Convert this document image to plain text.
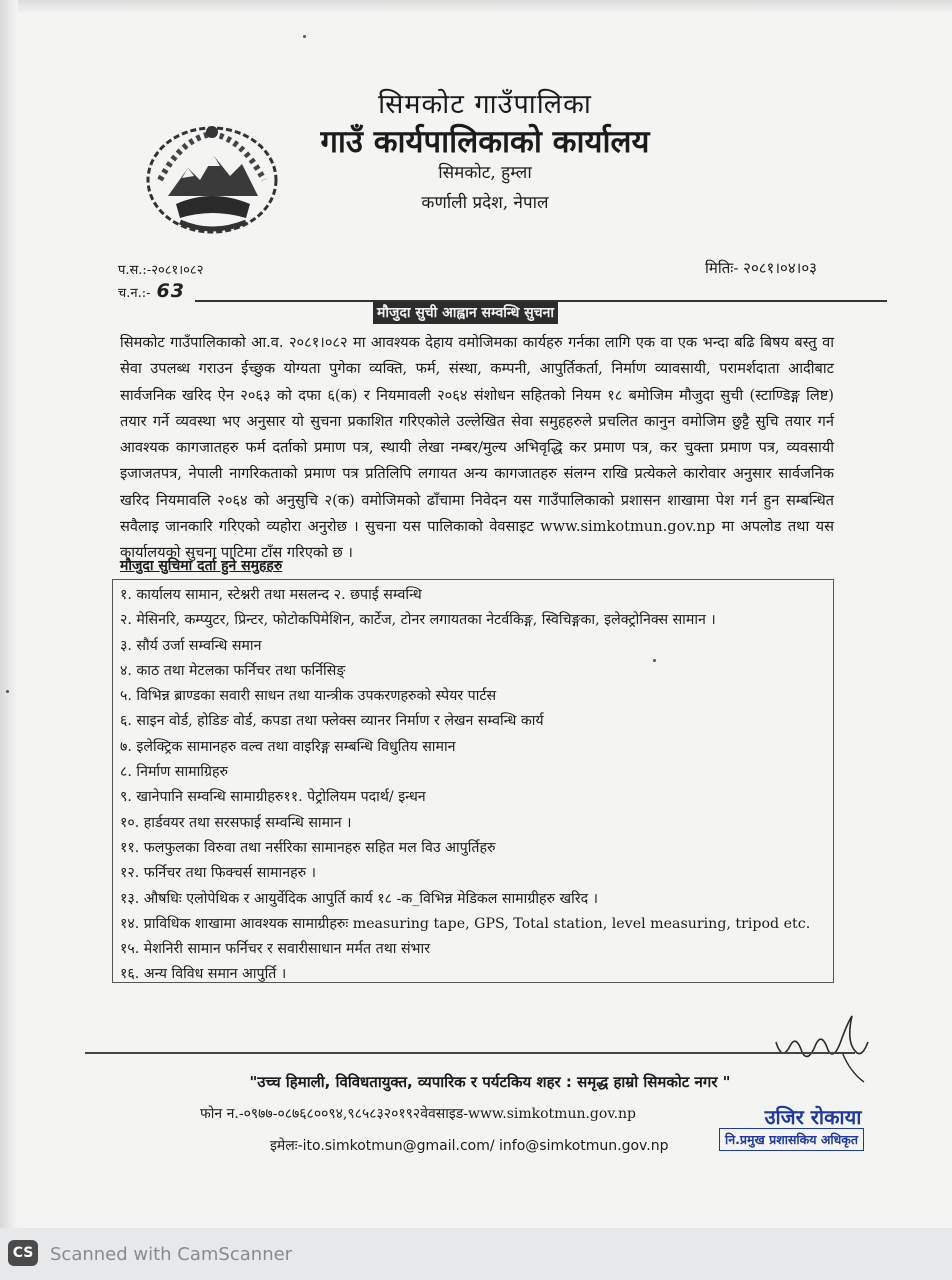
सिमकोट गाउँपालिका
गाउँ कार्यपालिकाको कार्यालय
सिमकोट, हुम्ला
कर्णाली प्रदेश, नेपाल
प.स.:-२०८१।०८२
च.न.:- 63
मितिः- २०८१।०४।०३
मौजुदा सुची आह्वान सम्वन्धि सुचना
सिमकोट गाउँपालिकाको आ.व. २०८१।०८२ मा आवश्यक देहाय वमोजिमका कार्यहरु गर्नका लागि एक वा एक भन्दा बढि बिषय बस्तु वा सेवा उपलब्ध गराउन ईच्छुक योग्यता पुगेका व्यक्ति, फर्म, संस्था, कम्पनी, आपुर्तिकर्ता, निर्माण व्यावसायी, परामर्शदाता आदीबाट सार्वजनिक खरिद ऐन २०६३ को दफा ६(क) र नियमावली २०६४ संशोधन सहितको नियम १८ बमोजिम मौजुदा सुची (स्टाण्डिङ्ग लिष्ट) तयार गर्ने व्यवस्था भए अनुसार यो सुचना प्रकाशित गरिएकोले उल्लेखित सेवा समुहहरुले प्रचलित कानुन वमोजिम छुट्टै सुचि तयार गर्न आवश्यक कागजातहरु फर्म दर्ताको प्रमाण पत्र, स्थायी लेखा नम्बर/मुल्य अभिवृद्धि कर प्रमाण पत्र, कर चुक्ता प्रमाण पत्र, व्यवसायी इजाजतपत्र, नेपाली नागरिकताको प्रमाण पत्र प्रतिलिपि लगायत अन्य कागजातहरु संलग्न राखि प्रत्येकले कारोवार अनुसार सार्वजनिक खरिद नियमावलि २०६४ को अनुसुचि २(क) वमोजिमको ढाँचामा निवेदन यस गाउँपालिकाको प्रशासन शाखामा पेश गर्न हुन सम्बन्धित सवैलाइ जानकारि गरिएको व्यहोरा अनुरोछ । सुचना यस पालिकाको वेवसाइट www.simkotmun.gov.np मा अपलोड तथा यस कार्यालयको सुचना पाटिमा टाँस गरिएको छ ।
मौजुदा सुचिमा दर्ता हुने समुहहरु
१. कार्यालय सामान, स्टेश्नरी तथा मसलन्द २. छपाई सम्वन्धि
२. मेसिनरि, कम्प्युटर, प्रिन्टर, फोटोकपिमेशिन, कार्टेज, टोनर लगायतका नेटर्वकिङ्ग, स्विचिङ्गका, इलेक्ट्रोनिक्स सामान ।
३. सौर्य उर्जा सम्वन्धि समान
४. काठ तथा मेटलका फर्निचर तथा फर्निसिङ्
५. विभिन्न ब्राण्डका सवारी साधन तथा यान्त्रीक उपकरणहरुको स्पेयर पार्टस
६. साइन वोर्ड, होडिङ वोर्ड, कपडा तथा फ्लेक्स व्यानर निर्माण र लेखन सम्वन्धि कार्य
७. इलेक्ट्रिक सामानहरु वल्व तथा वाइरिङ्ग सम्बन्धि विधुतिय सामान
८. निर्माण सामाग्रिहरु
९. खानेपानि सम्वन्धि सामाग्रीहरु११. पेट्रोलियम पदार्थ/ इन्धन
१०. हार्डवयर तथा सरसफाई सम्वन्धि सामान ।
११. फलफुलका विरुवा तथा नर्सरिका सामानहरु सहित मल विउ आपुर्तिहरु
१२. फर्निचर तथा फिक्चर्स सामानहरु ।
१३. औषधिः एलोपेथिक र आयुर्वेदिक आपुर्ति कार्य १८ -क_विभिन्न मेडिकल सामाग्रीहरु खरिद ।
१४. प्राविधिक शाखामा आवश्यक सामाग्रीहरुः measuring tape, GPS, Total station, level measuring, tripod etc.
१५. मेशनिरी सामान फर्निचर र सवारीसाधान मर्मत तथा संभार
१६. अन्य विविध समान आपुर्ति ।
"उच्च हिमाली, विविधतायुक्त, व्यपारिक र पर्यटकिय शहर : समृद्ध हाम्रो सिमकोट नगर "
फोन न.-०९७७-०८७६८००९४,९८५८३२०१९२वेवसाइड-www.simkotmun.gov.np
इमेलः-ito.simkotmun@gmail.com/ info@simkotmun.gov.np
उजिर रोकाया
नि.प्रमुख प्रशासकिय अधिकृत
CS Scanned with CamScanner
